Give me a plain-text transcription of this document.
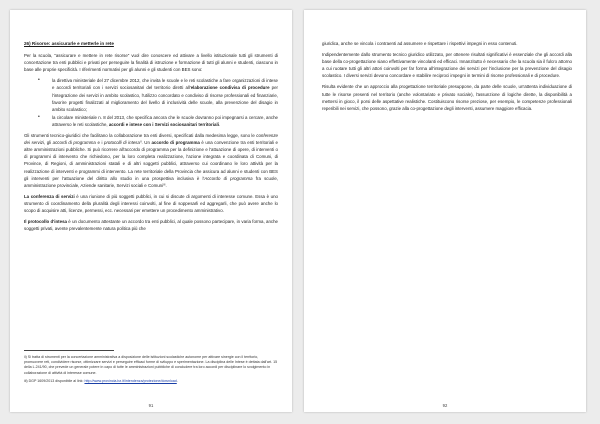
26) Risorse: assicurarle e metterle in rete

Per la scuola, "assicurare e mettere in rete risorse" vuol dire conoscere ed attivare a livello istituzionale tutti gli strumenti di concertazione tra enti pubblici e privati per perseguire la finalità di istruzione e formazione di tutti gli alunni e studenti, ciascuno in base alle proprie specificità. I riferimenti normativi per gli alunni e gli studenti con BES sono:

• la direttiva ministeriale del 27 dicembre 2012, che invita le scuole e le reti scolastiche a fare organizzazioni di intese e accordi territoriali con i servizi sociosanitari del territorio diretti all'elaborazione condivisa di procedure per l'integrazione dei servizi in ambito scolastico, l'utilizzo concordato e condiviso di risorse professionali ed finanziarie, favorire progetti finalizzati al miglioramento del livello di inclusività delle scuole, alla prevenzione del disagio in ambito scolastico;
• la circolare ministeriale n. 8 del 2013, che specifica ancora che le scuole dovranno poi impegnarsi a cercare, anche attraverso le reti scolastiche, accordi e intese con i Servizi sociosanitari territoriali.

Gli strumenti tecnico-giuridici che facilitano la collaborazione tra enti diversi, specificati dalla medesima legge, sono le conferenze dei servizi, gli accordi di programma e i protocolli di intesaⁱⁱ. Un accordo di programma è una convenzione tra enti territoriali e altre amministrazioni pubbliche. Si può ricorrere all'accordo di programma per la definizione e l'attuazione di opere, di interventi o di programmi di intervento che richiedono, per la loro completa realizzazione, l'azione integrata e coordinata di Comuni, di Province, di Regioni, di amministrazioni statali e di altri soggetti pubblici, attraverso cui coordinano le loro attività per la realizzazione di interventi e programmi di intervento. La rete territoriale della Provincia che assicura ad alunni e studenti con BES gli interventi per l'attuazione del diritto allo studio in una prospettiva inclusiva è l'Accordo di programma fra scuole, amministrazione provinciale, Aziende sanitarie, Servizi sociali e Comuniⁱⁱⁱ.

La conferenza di servizi è una riunione di più soggetti pubblici, in cui si discute di argomenti di interesse comune. Essa è uno strumento di coordinamento della pluralità degli interessi coinvolti, al fine di soppesarli ed aggregarli, che può avere anche lo scopo di acquisire atti, licenze, permessi, ecc. necessari per emettere un procedimento amministrativo.

Il protocollo d'intesa è un documento attestante un accordo tra enti pubblici, al quale possono partecipare, in varia forma, anche soggetti privati, avente prevalentemente natura politica più che

ii) Si tratta di strumenti per la concertazione amministrativa a disposizione delle istituzioni scolastiche autonome per attivare sinergie con il territorio, promuovere reti, condividere risorse, ottimizzare servizi e perseguire efficaci forme di sviluppo e sperimentazione. La disciplina delle Intese è dettata dall'art. 15 della L.241/90, che prevede un generale potere in capo di tutte le amministrazioni pubbliche di concludere tra loro accordi per disciplinare lo svolgimento in collaborazione di attività di interesse comune.

iii) DGP 1609/2013 disponibile al link: http://www.provincia.bz.it/intendenza/protezione/download.

91

giuridica, anche se vincola i contraenti ad assumere e rispettare i rispettivi impegni in esso contenuti.

Indipendentemente dallo strumento tecnico giuridico utilizzato, per ottenere risultati significativi è essenziale che gli accordi alla base della co-progettazione siano effettivamente vincolanti ed efficaci. Innanzitutto è necessario che la scuola sia il fulcro attorno a cui ruotare tutti gli altri attori coinvolti per far forma all'integrazione dei servizi per l'inclusione per la prevenzione del disagio scolastico. I diversi servizi devono concordare e stabilire reciproci impegni in termini di risorse professionali e di procedure.

Risulta evidente che un approccio alla progettazione territoriale presuppone, da parte delle scuole, un'attenta individuazione di tutte le risorse presenti nel territorio (anche volontariato e privato sociale), l'assunzione di logiche dirette, la disponibilità a mettersi in gioco, il porsi delle aspettative realistiche. Costituiscono risorse preziose, per esempio, le competenze professionali reperibili nei servizi, che possono, grazie alla co-progettazione degli interventi, assumere maggiore efficacia.

92
